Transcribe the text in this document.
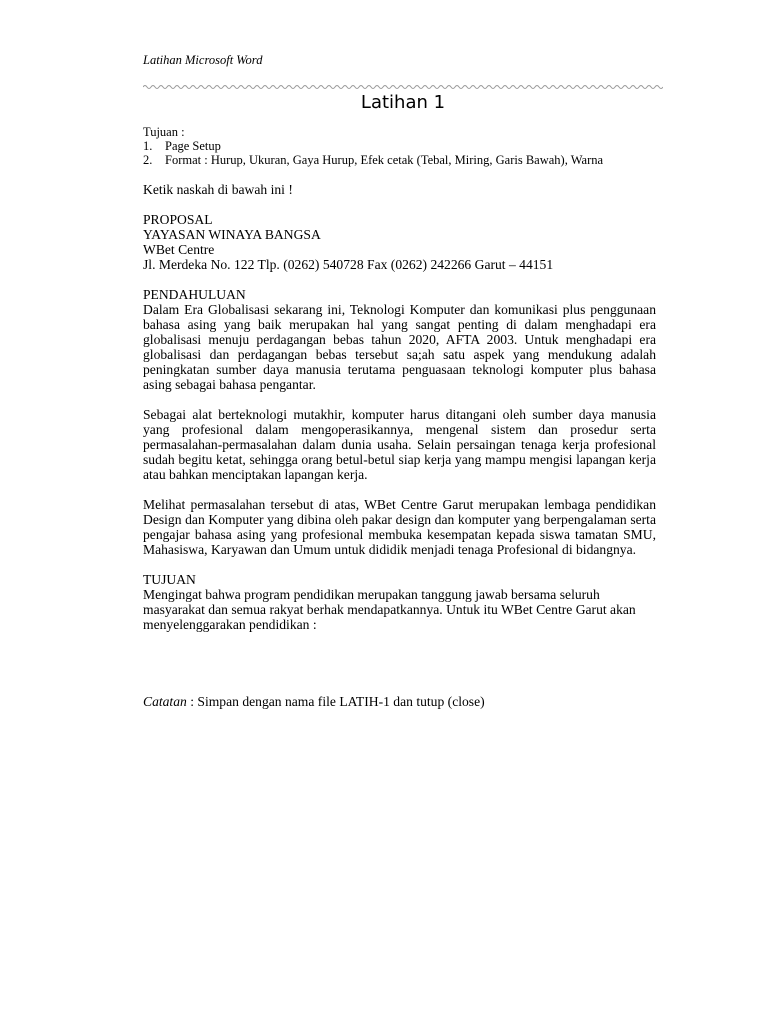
Latihan Microsoft Word
Latihan 1
Tujuan :
1.	Page Setup
2.	Format : Hurup, Ukuran, Gaya Hurup, Efek cetak (Tebal, Miring, Garis Bawah), Warna
Ketik naskah di bawah ini !
PROPOSAL
YAYASAN WINAYA BANGSA
WBet Centre
Jl. Merdeka No. 122 Tlp. (0262) 540728 Fax (0262) 242266 Garut – 44151
PENDAHULUAN
Dalam Era Globalisasi sekarang ini, Teknologi Komputer dan komunikasi plus penggunaan bahasa asing yang baik merupakan hal yang sangat penting di dalam menghadapi era globalisasi menuju perdagangan bebas tahun 2020, AFTA 2003. Untuk menghadapi era globalisasi dan perdagangan bebas tersebut sa;ah satu aspek yang mendukung adalah peningkatan sumber daya manusia terutama penguasaan teknologi komputer plus bahasa asing sebagai bahasa pengantar.
Sebagai alat berteknologi mutakhir, komputer harus ditangani oleh sumber daya manusia yang profesional dalam mengoperasikannya, mengenal sistem dan prosedur serta permasalahan-permasalahan dalam dunia usaha. Selain persaingan tenaga kerja profesional sudah begitu ketat, sehingga orang betul-betul siap kerja yang mampu mengisi lapangan kerja atau bahkan menciptakan lapangan kerja.
Melihat permasalahan tersebut di atas, WBet Centre Garut merupakan lembaga pendidikan Design dan Komputer yang dibina oleh pakar design dan komputer yang berpengalaman serta pengajar bahasa asing yang profesional membuka kesempatan kepada siswa tamatan SMU, Mahasiswa, Karyawan dan Umum untuk dididik menjadi tenaga Profesional di bidangnya.
TUJUAN
Mengingat bahwa program pendidikan merupakan tanggung jawab bersama seluruh masyarakat dan semua rakyat berhak mendapatkannya. Untuk itu WBet Centre Garut akan menyelenggarakan pendidikan :
Catatan : Simpan dengan nama file LATIH-1 dan tutup (close)
